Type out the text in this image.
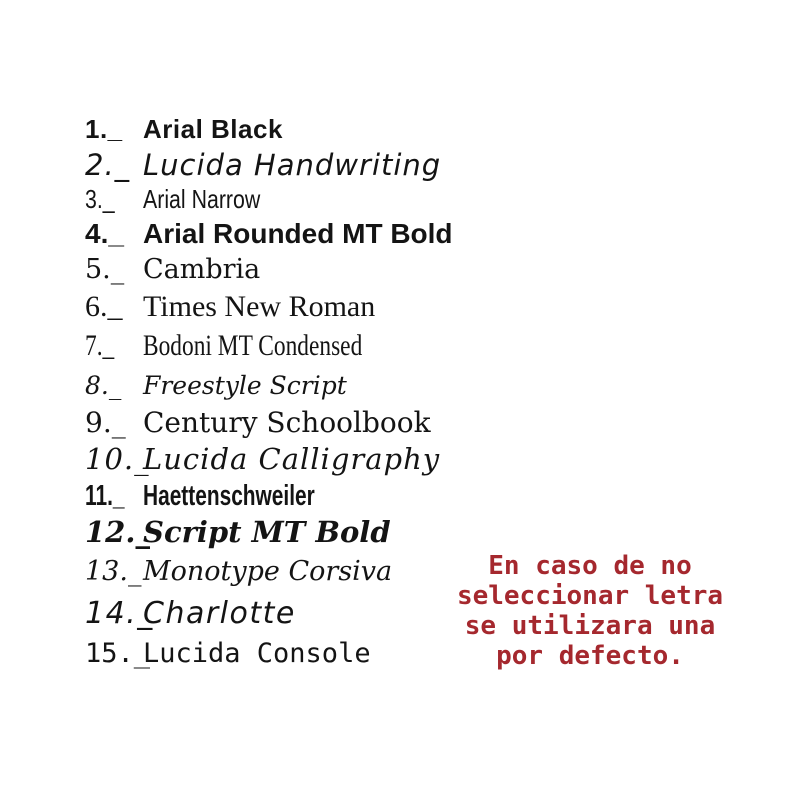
1._ Arial Black
2._ Lucida Handwriting
3._	Arial Narrow
4._ Arial Rounded MT Bold
5._ Cambria
6._ Times New Roman
7._ Bodoni MT Condensed
8._ Freestyle Script
9._ Century Schoolbook
10._
Lucida Calligraphy
11._ Haettenschweiler
12._
Script MT Bold
13._ Monotype Corsiva
14._
Charlotte
15._
Lucida Console
En caso de no
seleccionar letra
se utilizara una
por defecto.
